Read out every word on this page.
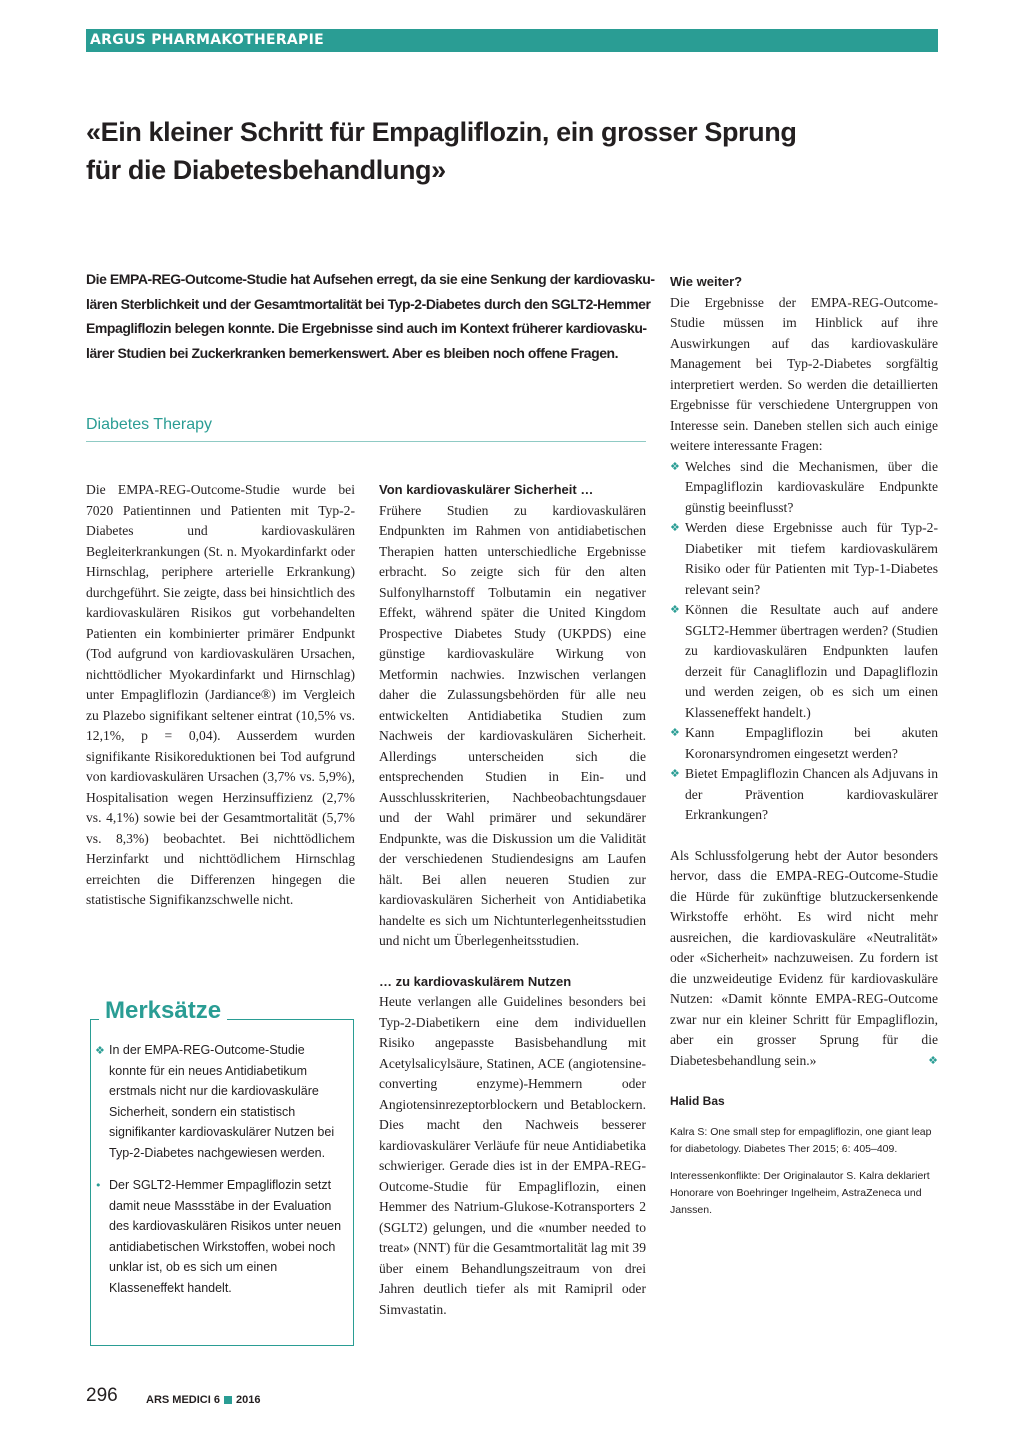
ARGUS PHARMAKOTHERAPIE
«Ein kleiner Schritt für Empagliflozin, ein grosser Sprung
für die Diabetesbehandlung»
Die EMPA-REG-Outcome-Studie hat Aufsehen erregt, da sie eine Senkung der kardiovasku-
lären Sterblichkeit und der Gesamtmortalität bei Typ-2-Diabetes durch den SGLT2-Hemmer
Empagliflozin belegen konnte. Die Ergebnisse sind auch im Kontext früherer kardiovasku-
lärer Studien bei Zuckerkranken bemerkenswert. Aber es bleiben noch offene Fragen.
Diabetes Therapy

Die EMPA-REG-Outcome-Studie wurde bei 7020 Patientinnen und Patienten mit Typ-2-Diabetes und kardiovaskulären Begleiterkrankungen (St. n. Myokardinfarkt oder Hirnschlag, peripherе arterielle Erkrankung) durchgeführt. Sie zeigte, dass bei hinsichtlich des kardiovaskulären Risikos gut vorbehandelten Patienten ein kombinierter primärer Endpunkt (Tod aufgrund von kardiovaskulären Ursachen, nichttödlicher Myokardinfarkt und Hirnschlag) unter Empagliflozin (Jardiance®) im Vergleich zu Plazebo signifikant seltener eintrat (10,5% vs. 12,1%, p = 0,04). Ausserdem wurden signifikante Risikoreduktionen bei Tod aufgrund von kardiovaskulären Ursachen (3,7% vs. 5,9%), Hospitalisation wegen Herzinsuffizienz (2,7% vs. 4,1%) sowie bei der Gesamtmortalität (5,7% vs. 8,3%) beobachtet. Bei nichttödlichem Herzinfarkt und nichttödlichem Hirnschlag erreichten die Differenzen hingegen die statistische Signifikanzschwelle nicht.

Merksätze
❖ In der EMPA-REG-Outcome-Studie konnte für ein neues Antidiabetikum erstmals nicht nur die kardiovaskuläre Sicherheit, sondern ein statistisch signifikanter kardiovaskulärer Nutzen bei Typ-2-Diabetes nachgewiesen werden.
• Der SGLT2-Hemmer Empagliflozin setzt damit neue Massstäbe in der Evaluation des kardiovaskulären Risikos unter neuen antidiabetischen Wirkstoffen, wobei noch unklar ist, ob es sich um einen Klasseneffekt handelt.
Von kardiovaskulärer Sicherheit …

Frühere Studien zu kardiovaskulären Endpunkten im Rahmen von antidiabetischen Therapien hatten unterschiedliche Ergebnisse erbracht. So zeigte sich für den alten Sulfonylharnstoff Tolbutamin ein negativer Effekt, während später die United Kingdom Prospective Diabetes Study (UKPDS) eine günstige kardiovaskuläre Wirkung von Metformin nachwies. Inzwischen verlangen daher die Zulassungsbehörden für alle neu entwickelten Antidiabetika Studien zum Nachweis der kardiovaskulären Sicherheit. Allerdings unterscheiden sich die entsprechenden Studien in Ein- und Ausschlusskriterien, Nachbeobachtungsdauer und der Wahl primärer und sekundärer Endpunkte, was die Diskussion um die Validität der verschiedenen Studiendesigns am Laufen hält. Bei allen neueren Studien zur kardiovaskulären Sicherheit von Antidiabetika handelte es sich um Nichtunterlegenheitsstudien und nicht um Überlegenheitsstudien.

… zu kardiovaskulärem Nutzen

Heute verlangen alle Guidelines besonders bei Typ-2-Diabetikern eine dem individuellen Risiko angepasste Basisbehandlung mit Acetylsalicylsäure, Statinen, ACE (angiotensine-converting enzyme)-Hemmern oder Angiotensinrezeptorblockern und Betablockern. Dies macht den Nachweis besserer kardiovaskulärer Verläufe für neue Antidiabetika schwieriger. Gerade dies ist in der EMPA-REG-Outcome-Studie für Empagliflozin, einen Hemmer des Natrium-Glukose-Kotransporters 2 (SGLT2) gelungen, und die «number needed to treat» (NNT) für die Gesamtmortalität lag mit 39 über einem Behandlungszeitraum von drei Jahren deutlich tiefer als mit Ramipril oder Simvastatin.

Wie weiter?

Die Ergebnisse der EMPA-REG-Outcome-Studie müssen im Hinblick auf ihre Auswirkungen auf das kardiovaskuläre Management bei Typ-2-Diabetes sorgfältig interpretiert werden. So werden die detaillierten Ergebnisse für verschiedene Untergruppen von Interesse sein. Daneben stellen sich auch einige weitere interessante Fragen:

❖ Welches sind die Mechanismen, über die Empagliflozin kardiovaskuläre Endpunkte günstig beeinflusst?
❖ Werden diese Ergebnisse auch für Typ-2-Diabetiker mit tiefem kardiovaskulärem Risiko oder für Patienten mit Typ-1-Diabetes relevant sein?
❖ Können die Resultate auch auf andere SGLT2-Hemmer übertragen werden? (Studien zu kardiovaskulären Endpunkten laufen derzeit für Canagliflozin und Dapagliflozin und werden zeigen, ob es sich um einen Klasseneffekt handelt.)
❖ Kann Empagliflozin bei akuten Koronarsyndromen eingesetzt werden?
❖ Bietet Empagliflozin Chancen als Adjuvans in der Prävention kardiovaskulärer Erkrankungen?

Als Schlussfolgerung hebt der Autor besonders hervor, dass die EMPA-REG-Outcome-Studie die Hürde für zukünftige blutzuckersenkende Wirkstoffe erhöht. Es wird nicht mehr ausreichen, die kardiovaskuläre «Neutralität» oder «Sicherheit» nachzuweisen. Zu fordern ist die unzweideutige Evidenz für kardiovaskuläre Nutzen: «Damit könnte EMPA-REG-Outcome zwar nur ein kleiner Schritt für Empagliflozin, aber ein grosser Sprung für die Diabetesbehandlung sein.»	❖

Halid Bas
Kalra S: One small step for empagliflozin, one giant leap for diabetology. Diabetes Ther 2015; 6: 405–409.
Interessenkonflikte: Der Originalautor S. Kalra deklariert Honorare von Boehringer Ingelheim, AstraZeneca und Janssen.
296	ARS MEDICI 6 2016
